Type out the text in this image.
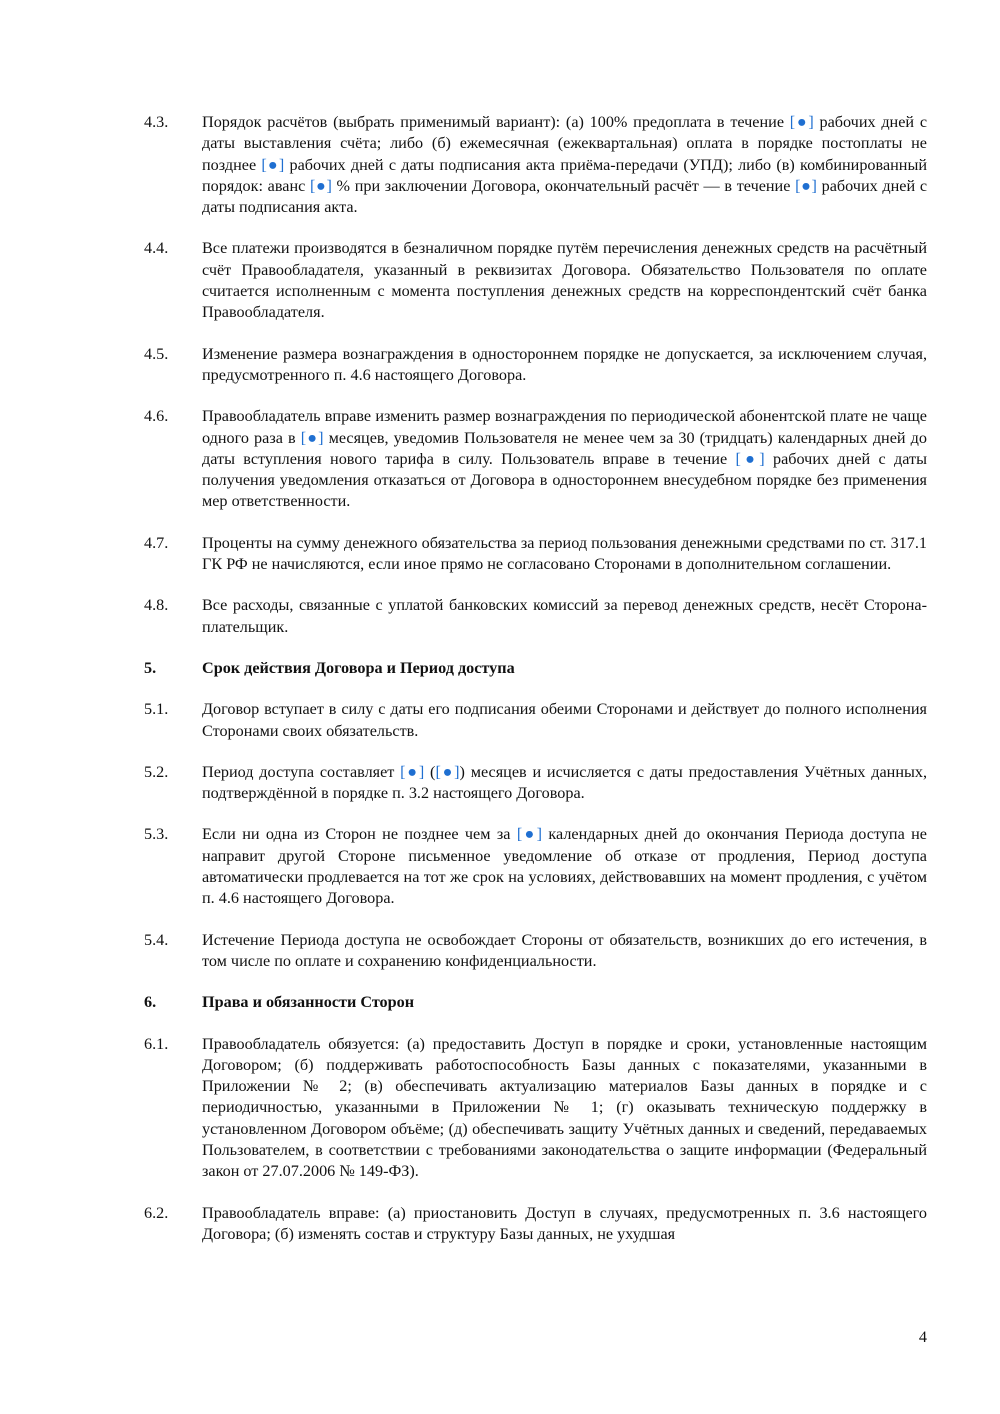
4.3.	Порядок расчётов (выбрать применимый вариант): (а) 100% предоплата в течение [●] рабочих дней с даты выставления счёта; либо (б) ежемесячная (ежеквартальная) оплата в порядке постоплаты не позднее [●] рабочих дней с даты подписания акта приёма-передачи (УПД); либо (в) комбинированный порядок: аванс [●] % при заключении Договора, окончательный расчёт — в течение [●] рабочих дней с даты подписания акта.
4.4.	Все платежи производятся в безналичном порядке путём перечисления денежных средств на расчётный счёт Правообладателя, указанный в реквизитах Договора. Обязательство Пользователя по оплате считается исполненным с момента поступления денежных средств на корреспондентский счёт банка Правообладателя.
4.5.	Изменение размера вознаграждения в одностороннем порядке не допускается, за исключением случая, предусмотренного п. 4.6 настоящего Договора.
4.6.	Правообладатель вправе изменить размер вознаграждения по периодической абонентской плате не чаще одного раза в [●] месяцев, уведомив Пользователя не менее чем за 30 (тридцать) календарных дней до даты вступления нового тарифа в силу. Пользователь вправе в течение [●] рабочих дней с даты получения уведомления отказаться от Договора в одностороннем внесудебном порядке без применения мер ответственности.
4.7.	Проценты на сумму денежного обязательства за период пользования денежными средствами по ст. 317.1 ГК РФ не начисляются, если иное прямо не согласовано Сторонами в дополнительном соглашении.
4.8.	Все расходы, связанные с уплатой банковских комиссий за перевод денежных средств, несёт Сторона-плательщик.
5.	Срок действия Договора и Период доступа
5.1.	Договор вступает в силу с даты его подписания обеими Сторонами и действует до полного исполнения Сторонами своих обязательств.
5.2.	Период доступа составляет [●] ([●]) месяцев и исчисляется с даты предоставления Учётных данных, подтверждённой в порядке п. 3.2 настоящего Договора.
5.3.	Если ни одна из Сторон не позднее чем за [●] календарных дней до окончания Периода доступа не направит другой Стороне письменное уведомление об отказе от продления, Период доступа автоматически продлевается на тот же срок на условиях, действовавших на момент продления, с учётом п. 4.6 настоящего Договора.
5.4.	Истечение Периода доступа не освобождает Стороны от обязательств, возникших до его истечения, в том числе по оплате и сохранению конфиденциальности.
6.	Права и обязанности Сторон
6.1.	Правообладатель обязуется: (а) предоставить Доступ в порядке и сроки, установленные настоящим Договором; (б) поддерживать работоспособность Базы данных с показателями, указанными в Приложении № 2; (в) обеспечивать актуализацию материалов Базы данных в порядке и с периодичностью, указанными в Приложении № 1; (г) оказывать техническую поддержку в установленном Договором объёме; (д) обеспечивать защиту Учётных данных и сведений, передаваемых Пользователем, в соответствии с требованиями законодательства о защите информации (Федеральный закон от 27.07.2006 № 149-ФЗ).
6.2.	Правообладатель вправе: (а) приостановить Доступ в случаях, предусмотренных п. 3.6 настоящего Договора; (б) изменять состав и структуру Базы данных, не ухудшая
4
